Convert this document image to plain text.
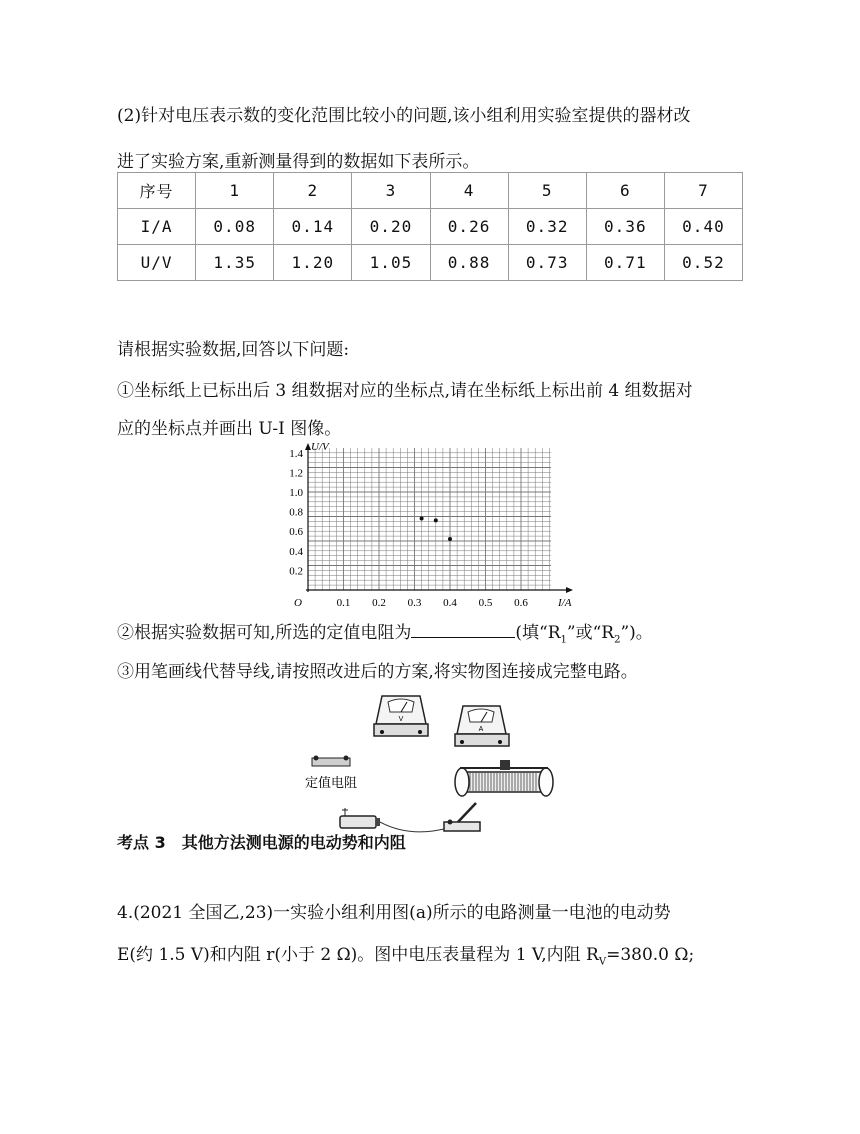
(2)针对电压表示数的变化范围比较小的问题,该小组利用实验室提供的器材改
进了实验方案,重新测量得到的数据如下表所示。
序号	1	2	3	4	5	6	7
I/A	0.08	0.14	0.20	0.26	0.32	0.36	0.40
U/V	1.35	1.20	1.05	0.88	0.73	0.71	0.52
请根据实验数据,回答以下问题:
①坐标纸上已标出后 3 组数据对应的坐标点,请在坐标纸上标出前 4 组数据对
应的坐标点并画出 U-I 图像。
0.2
0.4
0.6
0.8
1.0
1.2
1.4
0.1 0.2 0.3 0.4 0.5 0.6
O
U/V
I/A
②根据实验数据可知,所选的定值电阻为	(填“$R_1$”或“$R_2$”)。
③用笔画线代替导线,请按照改进后的方案,将实物图连接成完整电路。
V
A
定值电阻
考点 3 其他方法测电源的电动势和内阻
4.(2021 全国乙,23)一实验小组利用图(a)所示的电路测量一电池的电动势
E(约 1.5 V)和内阻 r(小于 2 Ω)。图中电压表量程为 1 V,内阻 $R_V=380.0$ Ω;
